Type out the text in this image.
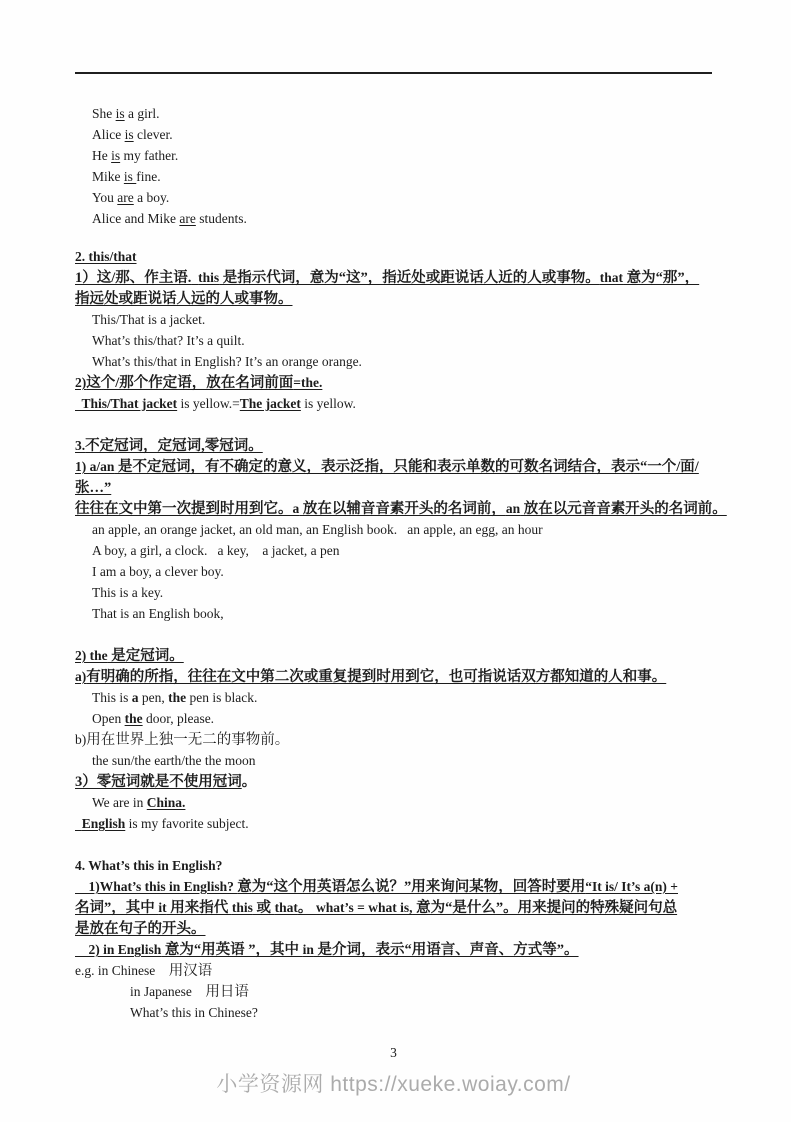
She is a girl.
Alice is clever.
He is my father.
Mike is fine.
You are a boy.
Alice and Mike are students.
2. this/that
1）这/那、作主语. this 是指示代词，意为“这”，指近处或距说话人近的人或事物。that 意为“那”，
指远处或距说话人远的人或事物。
This/That is a jacket.
What’s this/that? It’s a quilt.
What’s this/that in English? It’s an orange orange.
2)这个/那个作定语，放在名词前面=the.
This/That jacket is yellow.=The jacket is yellow.
3.不定冠词，定冠词,零冠词。
1) a/an 是不定冠词，有不确定的意义，表示泛指，只能和表示单数的可数名词结合，表示“一个/面/
张…”
往往在文中第一次提到时用到它。a 放在以辅音音素开头的名词前，an 放在以元音音素开头的名词前。
an apple, an orange jacket, an old man, an English book.   an apple, an egg, an hour
A boy, a girl, a clock.   a key,    a jacket, a pen
I am a boy, a clever boy.
This is a key.
That is an English book,
2) the 是定冠词。
a)有明确的所指，往往在文中第二次或重复提到时用到它，也可指说话双方都知道的人和事。
This is a pen, the pen is black.
Open the door, please.
b)用在世界上独一无二的事物前。
the sun/the earth/the the moon
3）零冠词就是不使用冠词。
We are in China.
English is my favorite subject.
4. What’s this in English?
1)What’s this in English? 意为“这个用英语怎么说？”用来询问某物，回答时要用“It is/ It’s a(n) +
名词”，其中 it 用来指代 this 或 that。 what’s = what is, 意为“是什么”。用来提问的特殊疑问句总
是放在句子的开头。
2) in English 意为“用英语 ”，其中 in 是介词，表示“用语言、声音、方式等”。
e.g. in Chinese    用汉语
in Japanese    用日语
What’s this in Chinese?
3
小学资源网 https://xueke.woiay.com/
